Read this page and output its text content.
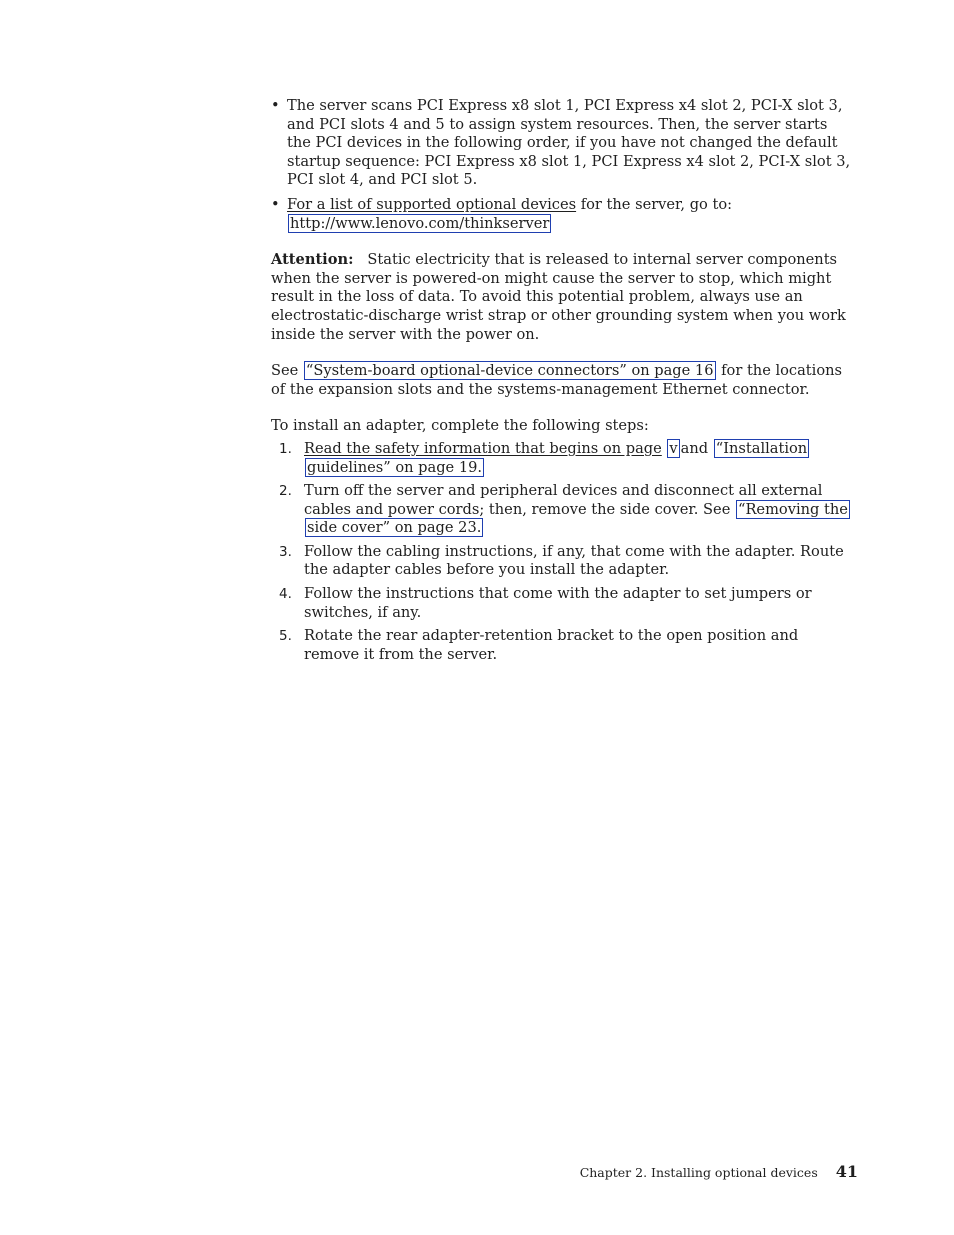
• The server scans PCI Express x8 slot 1, PCI Express x4 slot 2, PCI-X slot 3, and PCI slots 4 and 5 to assign system resources. Then, the server starts the PCI devices in the following order, if you have not changed the default startup sequence: PCI Express x8 slot 1, PCI Express x4 slot 2, PCI-X slot 3, PCI slot 4, and PCI slot 5.
• For a list of supported optional devices for the server, go to:
http://www.lenovo.com/thinkserver

Attention: Static electricity that is released to internal server components when the server is powered-on might cause the server to stop, which might result in the loss of data. To avoid this potential problem, always use an electrostatic-discharge wrist strap or other grounding system when you work inside the server with the power on.

See “System-board optional-device connectors” on page 16 for the locations of the expansion slots and the systems-management Ethernet connector.

To install an adapter, complete the following steps:

1. Read the safety information that begins on page v and “Installation guidelines” on page 19.
2. Turn off the server and peripheral devices and disconnect all external cables and power cords; then, remove the side cover. See “Removing the side cover” on page 23.
3. Follow the cabling instructions, if any, that come with the adapter. Route the adapter cables before you install the adapter.
4. Follow the instructions that come with the adapter to set jumpers or switches, if any.
5. Rotate the rear adapter-retention bracket to the open position and remove it from the server.
Chapter 2. Installing optional devices 41
